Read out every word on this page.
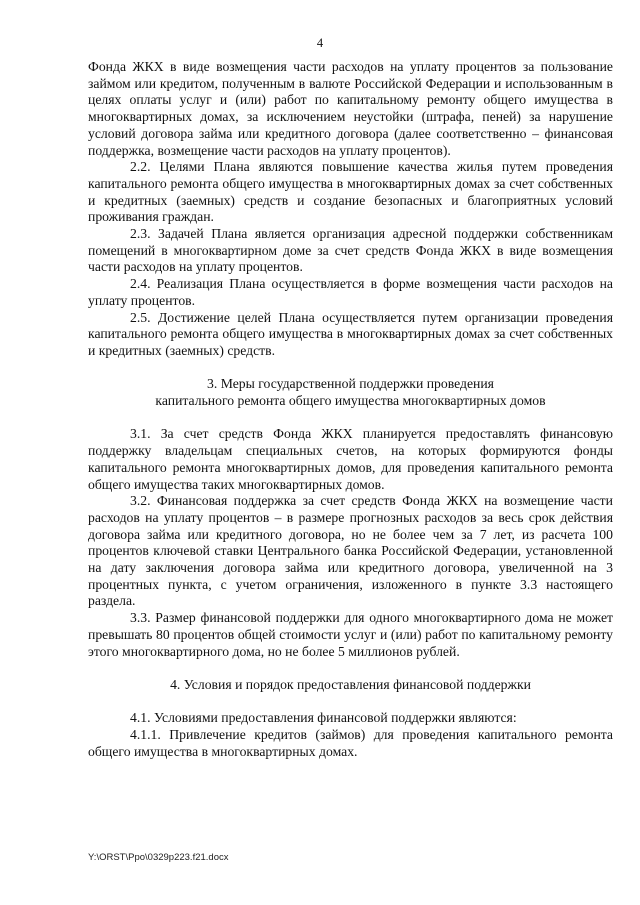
4

Фонда ЖКХ в виде возмещения части расходов на уплату процентов за пользование займом или кредитом, полученным в валюте Российской Федерации и использованным в целях оплаты услуг и (или) работ по капитальному ремонту общего имущества в многоквартирных домах, за исключением неустойки (штрафа, пеней) за нарушение условий договора займа или кредитного договора (далее соответственно – финансовая поддержка, возмещение части расходов на уплату процентов).

2.2. Целями Плана являются повышение качества жилья путем проведения капитального ремонта общего имущества в многоквартирных домах за счет собственных и кредитных (заемных) средств и создание безопасных и благоприятных условий проживания граждан.

2.3. Задачей Плана является организация адресной поддержки собственникам помещений в многоквартирном доме за счет средств Фонда ЖКХ в виде возмещения части расходов на уплату процентов.

2.4. Реализация Плана осуществляется в форме возмещения части расходов на уплату процентов.

2.5. Достижение целей Плана осуществляется путем организации проведения капитального ремонта общего имущества в многоквартирных домах за счет собственных и кредитных (заемных) средств.

3. Меры государственной поддержки проведения

капитального ремонта общего имущества многоквартирных домов

3.1. За счет средств Фонда ЖКХ планируется предоставлять финансовую поддержку владельцам специальных счетов, на которых формируются фонды капитального ремонта многоквартирных домов, для проведения капитального ремонта общего имущества таких многоквартирных домов.

3.2. Финансовая поддержка за счет средств Фонда ЖКХ на возмещение части расходов на уплату процентов – в размере прогнозных расходов за весь срок действия договора займа или кредитного договора, но не более чем за 7 лет, из расчета 100 процентов ключевой ставки Центрального банка Российской Федерации, установленной на дату заключения договора займа или кредитного договора, увеличенной на 3 процентных пункта, с учетом ограничения, изложенного в пункте 3.3 настоящего раздела.

3.3. Размер финансовой поддержки для одного многоквартирного дома не может превышать 80 процентов общей стоимости услуг и (или) работ по капитальному ремонту этого многоквартирного дома, но не более 5 миллионов рублей.

4. Условия и порядок предоставления финансовой поддержки

4.1. Условиями предоставления финансовой поддержки являются:

4.1.1. Привлечение кредитов (займов) для проведения капитального ремонта общего имущества в многоквартирных домах.

Y:\ORST\Ppo\0329p223.f21.docx
